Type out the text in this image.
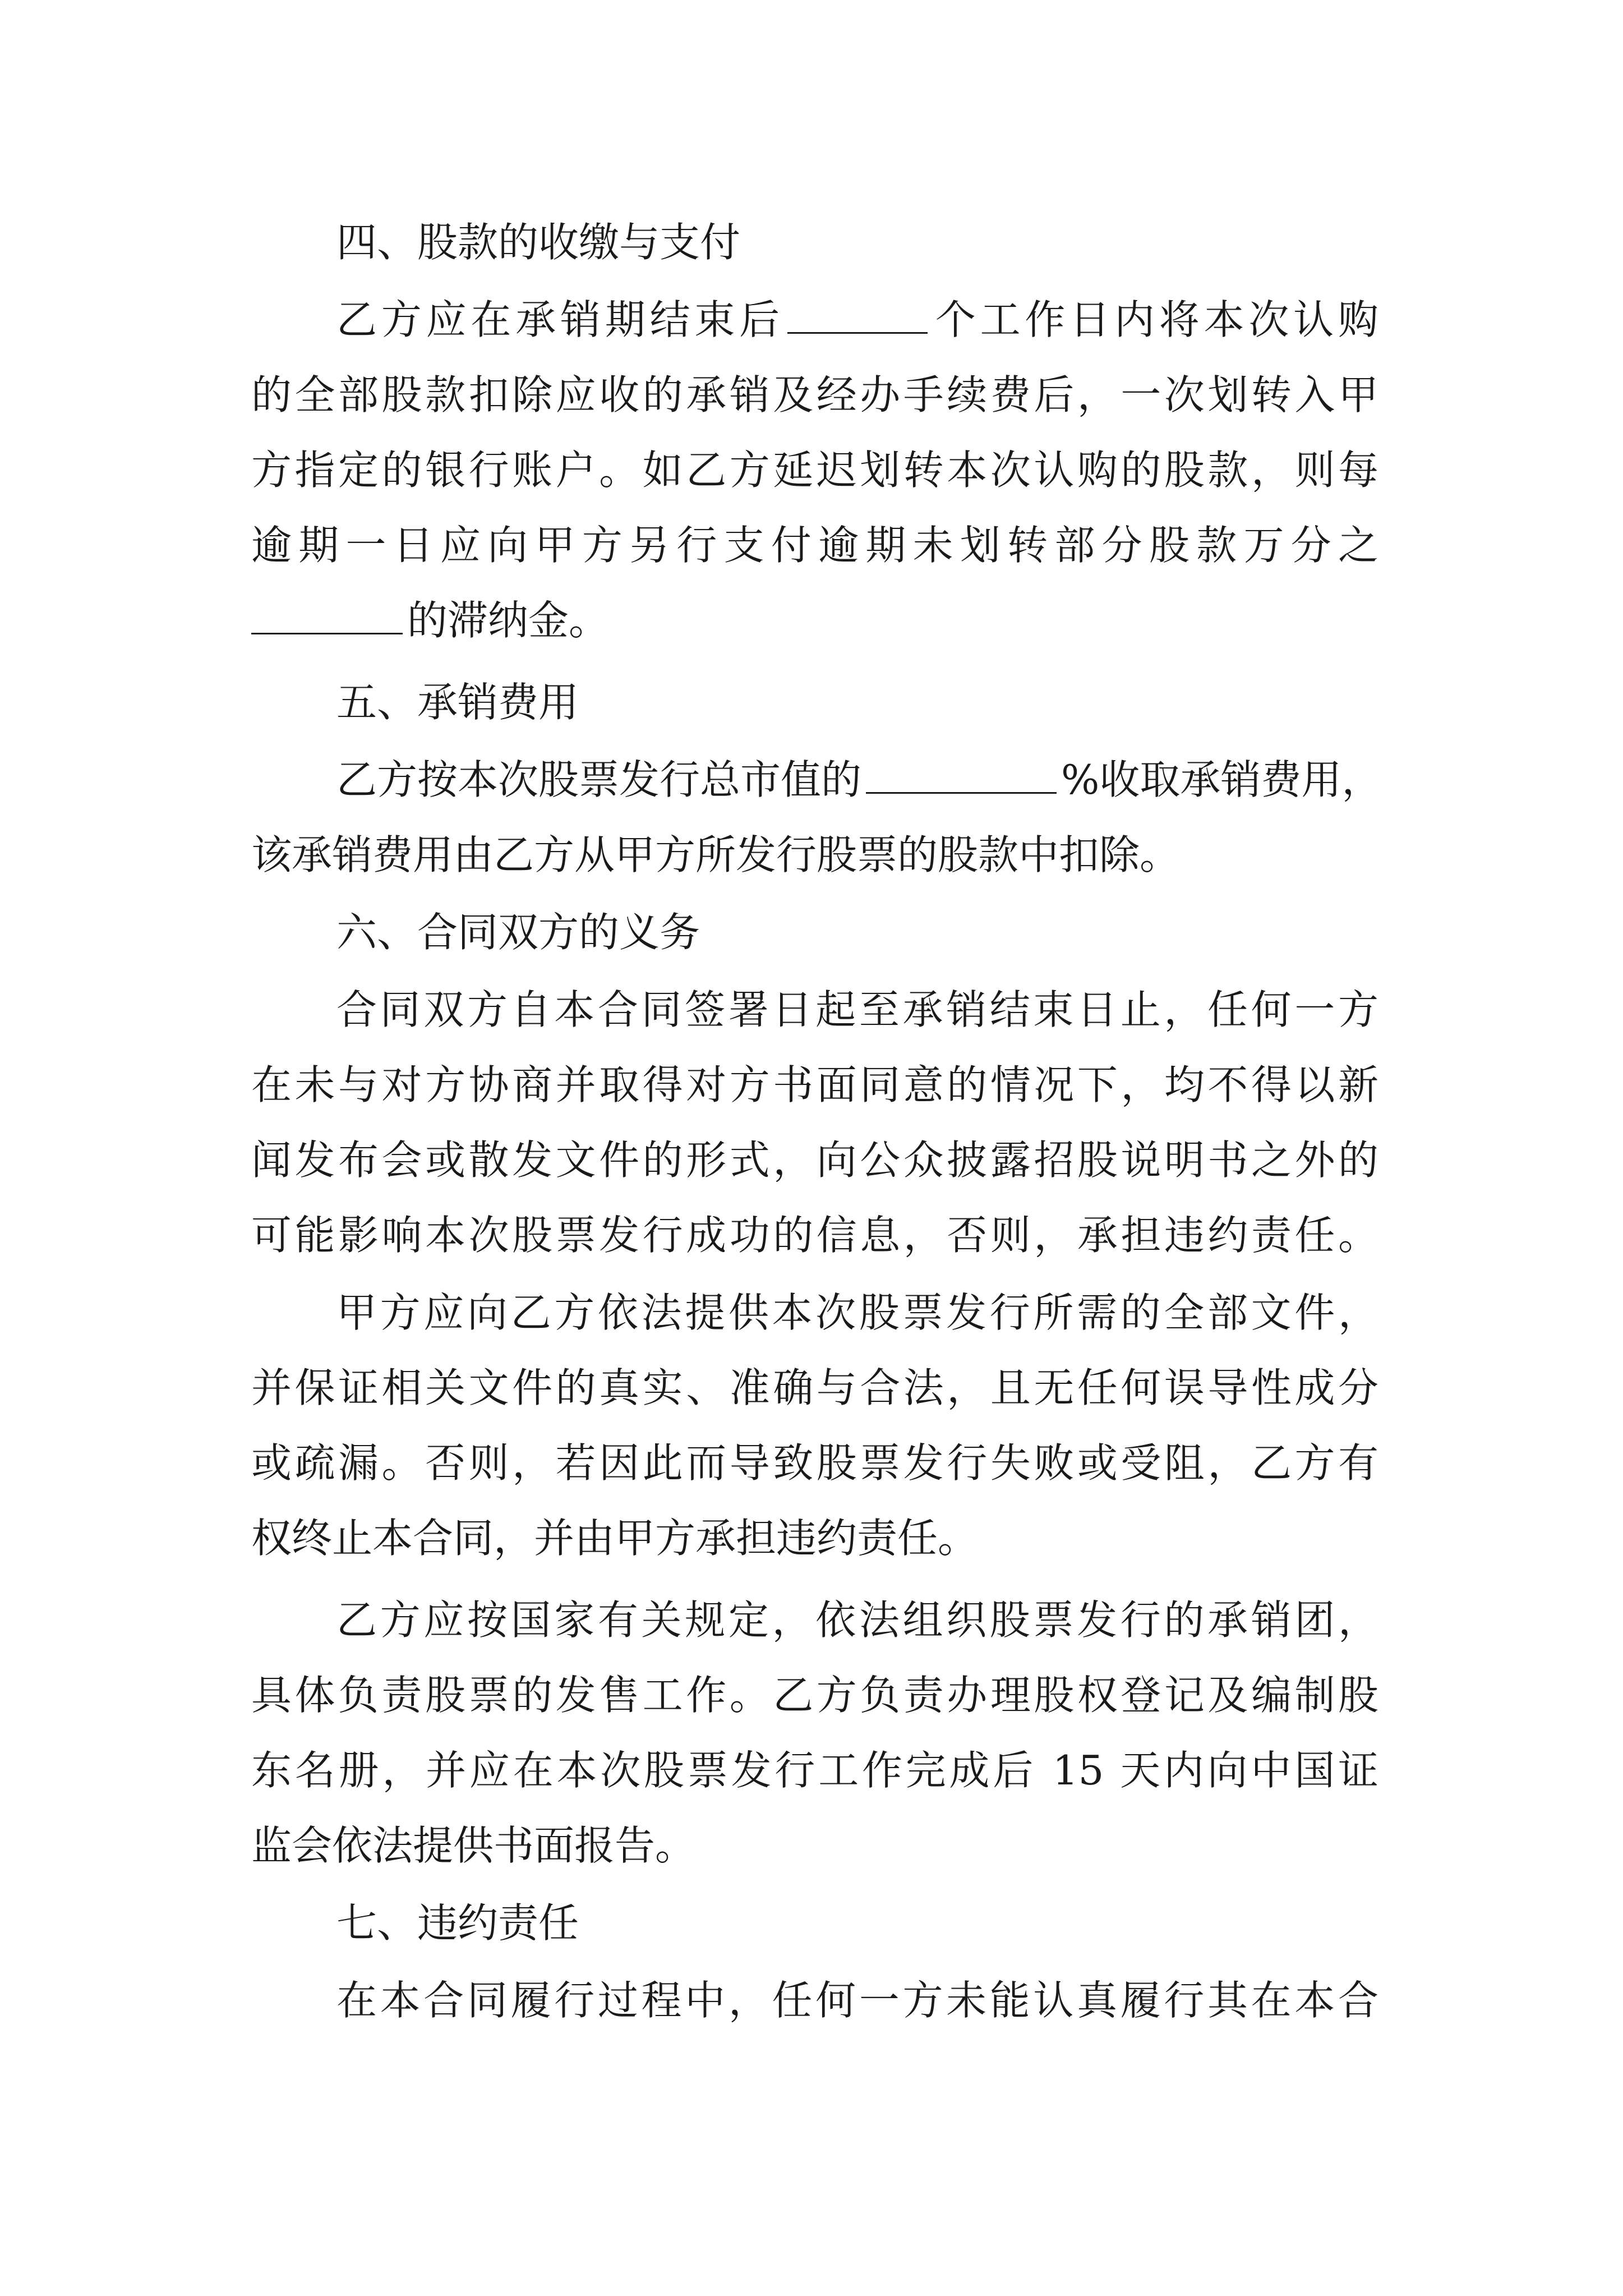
四、股款的收缴与支付
乙方应在承销期结束后	个工作日内将本次认购
的全部股款扣除应收的承销及经办手续费后，一次划转入甲
方指定的银行账户。如乙方延迟划转本次认购的股款，则每
逾期一日应向甲方另行支付逾期未划转部分股款万分之
的滞纳金。
五、承销费用
乙方按本次股票发行总市值的	%收取承销费用，
该承销费用由乙方从甲方所发行股票的股款中扣除。
六、合同双方的义务
合同双方自本合同签署日起至承销结束日止，任何一方
在未与对方协商并取得对方书面同意的情况下，均不得以新
闻发布会或散发文件的形式，向公众披露招股说明书之外的
可能影响本次股票发行成功的信息，否则，承担违约责任。
甲方应向乙方依法提供本次股票发行所需的全部文件，
并保证相关文件的真实、准确与合法，且无任何误导性成分
或疏漏。否则，若因此而导致股票发行失败或受阻，乙方有
权终止本合同，并由甲方承担违约责任。
乙方应按国家有关规定，依法组织股票发行的承销团，
具体负责股票的发售工作。乙方负责办理股权登记及编制股
东名册，并应在本次股票发行工作完成后 15 天内向中国证
监会依法提供书面报告。
七、违约责任
在本合同履行过程中，任何一方未能认真履行其在本合
